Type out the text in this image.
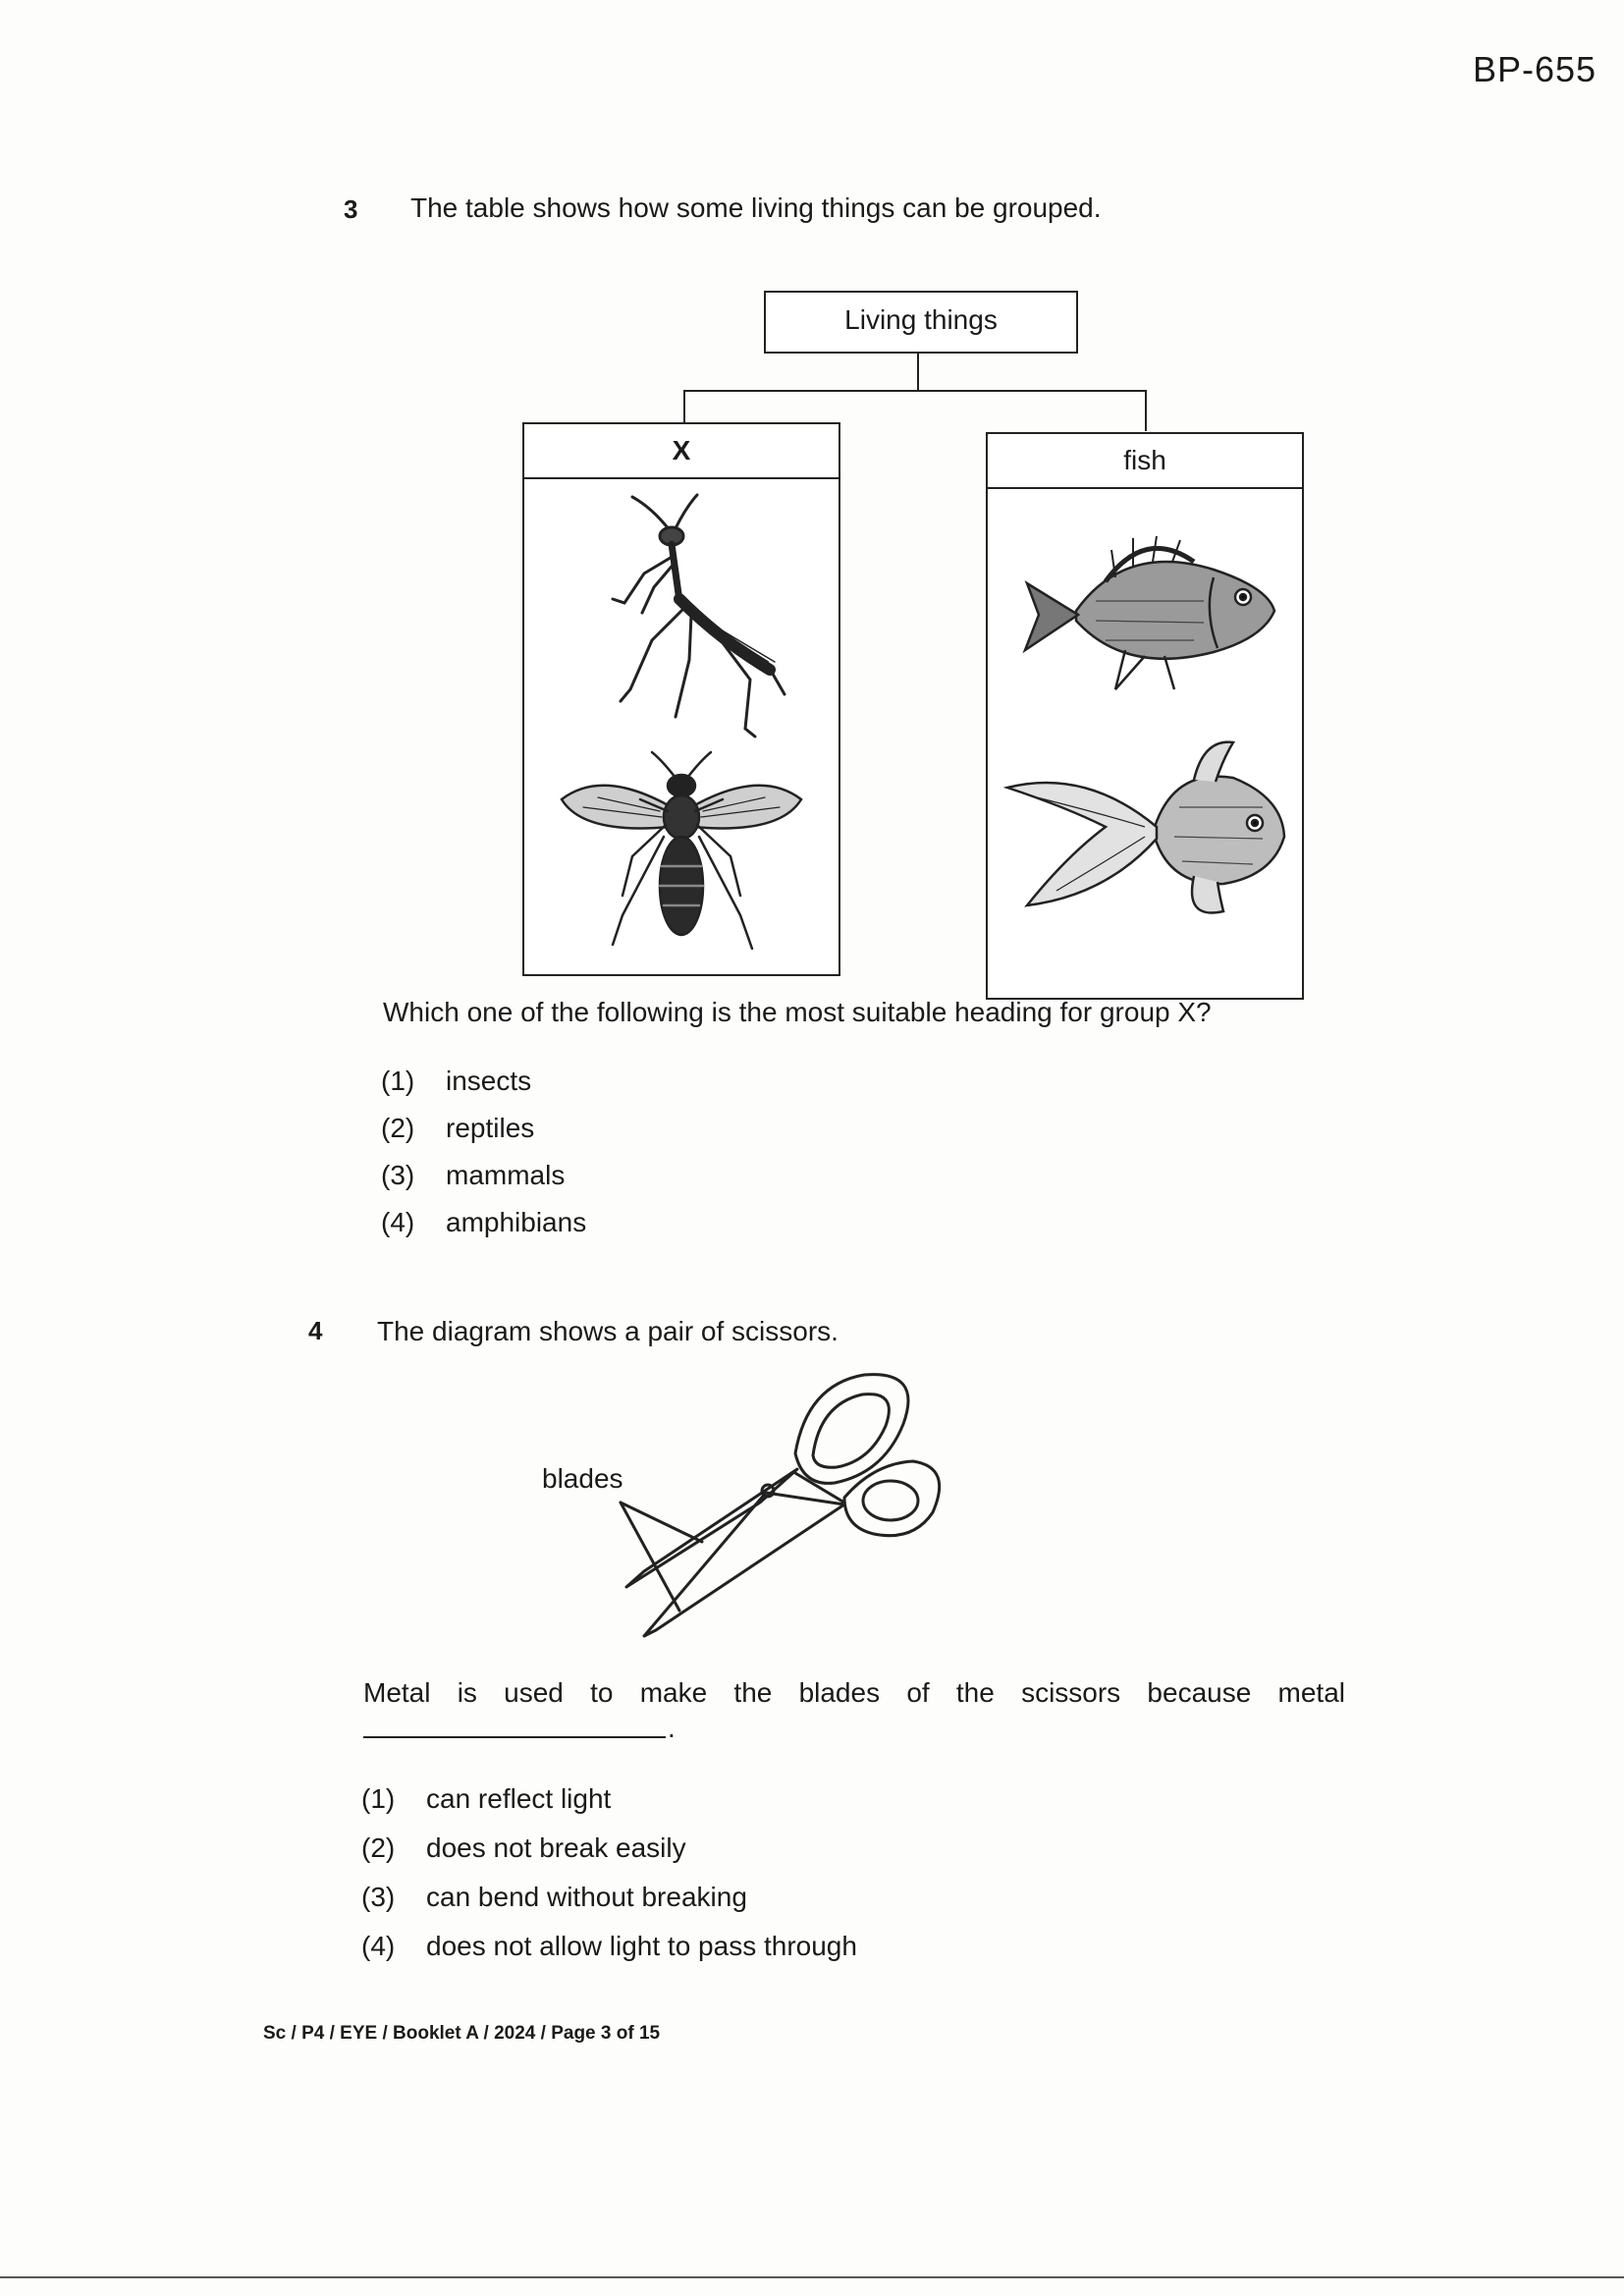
BP-655
3 The table shows how some living things can be grouped.
Living things
X	fish
Which one of the following is the most suitable heading for group X?
(1) insects
(2) reptiles
(3) mammals
(4) amphibians
4 The diagram shows a pair of scissors.
blades
Metal is used to make the blades of the scissors because metal
.
(1) can reflect light
(2) does not break easily
(3) can bend without breaking
(4) does not allow light to pass through
Sc / P4 / EYE / Booklet A / 2024 / Page 3 of 15
